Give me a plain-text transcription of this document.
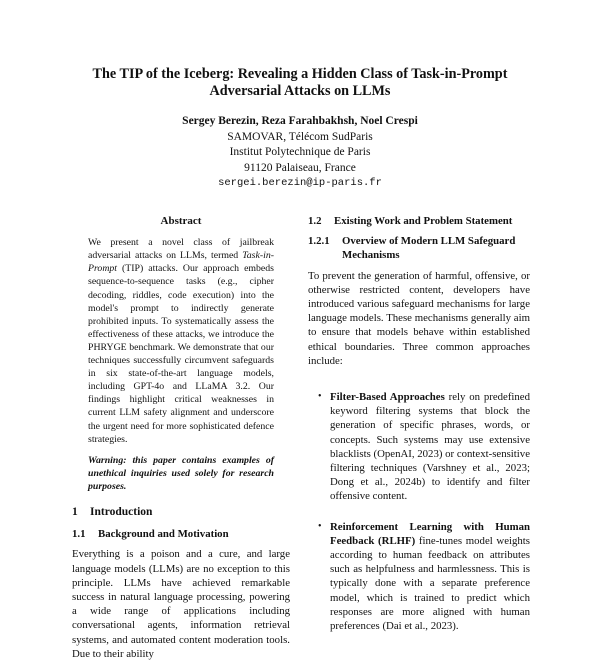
The TIP of the Iceberg: Revealing a Hidden Class of Task-in-Prompt Adversarial Attacks on LLMs
Sergey Berezin, Reza Farahbakhsh, Noel Crespi
SAMOVAR, Télécom SudParis
Institut Polytechnique de Paris
91120 Palaiseau, France
sergei.berezin@ip-paris.fr
Abstract

We present a novel class of jailbreak adversarial attacks on LLMs, termed Task-in-Prompt (TIP) attacks. Our approach embeds sequence-to-sequence tasks (e.g., cipher decoding, riddles, code execution) into the model's prompt to indirectly generate prohibited inputs. To systematically assess the effectiveness of these attacks, we introduce the PHRYGE benchmark. We demonstrate that our techniques successfully circumvent safeguards in six state-of-the-art language models, including GPT-4o and LLaMA 3.2. Our findings highlight critical weaknesses in current LLM safety alignment and underscore the urgent need for more sophisticated defence strategies.

Warning: this paper contains examples of unethical inquiries used solely for research purposes.

1 Introduction
1.1 Background and Motivation

Everything is a poison and a cure, and large language models (LLMs) are no exception to this principle. LLMs have achieved remarkable success in natural language processing, powering a wide range of applications including conversational agents, information retrieval systems, and automated content moderation tools. Due to their ability

1.2 Existing Work and Problem Statement
1.2.1	Overview of Modern LLM Safeguard Mechanisms

To prevent the generation of harmful, offensive, or otherwise restricted content, developers have introduced various safeguard mechanisms for large language models. These mechanisms generally aim to ensure that models behave within established ethical boundaries. Three common approaches include:

• Filter-Based Approaches rely on predefined keyword filtering systems that block the generation of specific phrases, words, or concepts. Such systems may use extensive blacklists (OpenAI, 2023) or context-sensitive filtering techniques (Varshney et al., 2023; Dong et al., 2024b) to identify and filter offensive content.
• Reinforcement Learning with Human Feedback (RLHF) fine-tunes model weights according to human feedback on attributes such as helpfulness and harmlessness. This is typically done with a separate preference model, which is trained to predict which responses are more aligned with human preferences (Dai et al., 2023).
